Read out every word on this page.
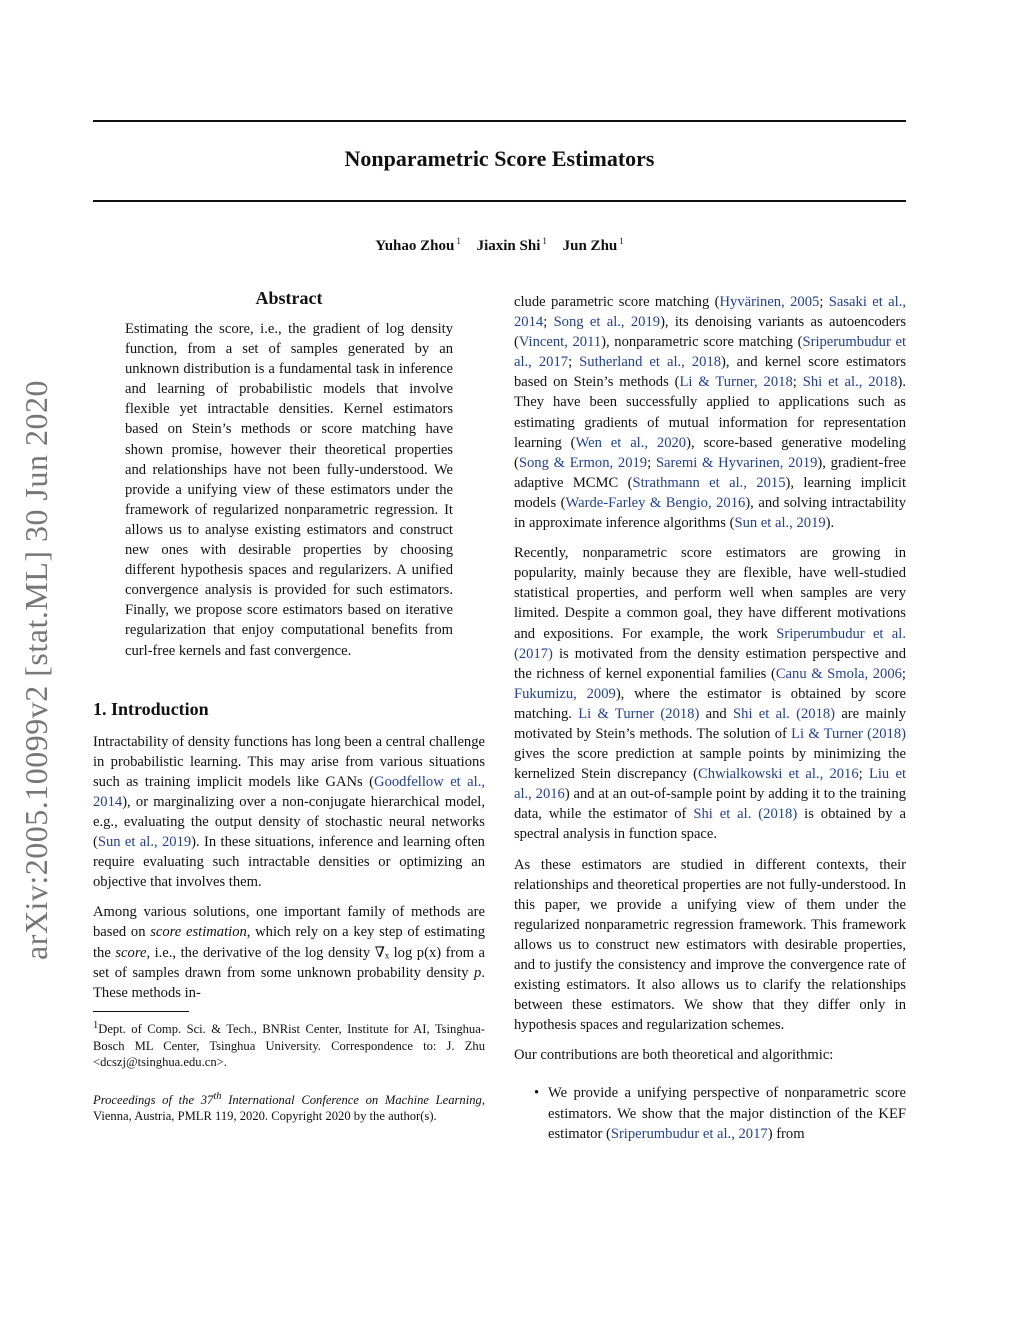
Nonparametric Score Estimators
Yuhao Zhou $^1$ Jiaxin Shi $^1$ Jun Zhu $^1$
arXiv:2005.10099v2 [stat.ML] 30 Jun 2020
Abstract
Estimating the score, i.e., the gradient of log density function, from a set of samples generated by an unknown distribution is a fundamental task in inference and learning of probabilistic models that involve flexible yet intractable densities. Kernel estimators based on Stein’s methods or score matching have shown promise, however their theoretical properties and relationships have not been fully-understood. We provide a unifying view of these estimators under the framework of regularized nonparametric regression. It allows us to analyse existing estimators and construct new ones with desirable properties by choosing different hypothesis spaces and regularizers. A unified convergence analysis is provided for such estimators. Finally, we propose score estimators based on iterative regularization that enjoy computational benefits from curl-free kernels and fast convergence.
1. Introduction

Intractability of density functions has long been a central challenge in probabilistic learning. This may arise from various situations such as training implicit models like GANs (Goodfellow et al., 2014), or marginalizing over a non-conjugate hierarchical model, e.g., evaluating the output density of stochastic neural networks (Sun et al., 2019). In these situations, inference and learning often require evaluating such intractable densities or optimizing an objective that involves them.

Among various solutions, one important family of methods are based on score estimation, which rely on a key step of estimating the score, i.e., the derivative of the log density ∇ₓ log p(x) from a set of samples drawn from some unknown probability density p. These methods in-

$^1$Dept. of Comp. Sci. & Tech., BNRist Center, Institute for AI, Tsinghua-Bosch ML Center, Tsinghua University. Correspondence to: J. Zhu <dcszj@tsinghua.edu.cn>.

Proceedings of the 37th International Conference on Machine Learning, Vienna, Austria, PMLR 119, 2020. Copyright 2020 by the author(s).

clude parametric score matching (Hyvärinen, 2005; Sasaki et al., 2014; Song et al., 2019), its denoising variants as autoencoders (Vincent, 2011), nonparametric score matching (Sriperumbudur et al., 2017; Sutherland et al., 2018), and kernel score estimators based on Stein’s methods (Li & Turner, 2018; Shi et al., 2018). They have been successfully applied to applications such as estimating gradients of mutual information for representation learning (Wen et al., 2020), score-based generative modeling (Song & Ermon, 2019; Saremi & Hyvarinen, 2019), gradient-free adaptive MCMC (Strathmann et al., 2015), learning implicit models (Warde-Farley & Bengio, 2016), and solving intractability in approximate inference algorithms (Sun et al., 2019).

Recently, nonparametric score estimators are growing in popularity, mainly because they are flexible, have well-studied statistical properties, and perform well when samples are very limited. Despite a common goal, they have different motivations and expositions. For example, the work Sriperumbudur et al. (2017) is motivated from the density estimation perspective and the richness of kernel exponential families (Canu & Smola, 2006; Fukumizu, 2009), where the estimator is obtained by score matching. Li & Turner (2018) and Shi et al. (2018) are mainly motivated by Stein’s methods. The solution of Li & Turner (2018) gives the score prediction at sample points by minimizing the kernelized Stein discrepancy (Chwialkowski et al., 2016; Liu et al., 2016) and at an out-of-sample point by adding it to the training data, while the estimator of Shi et al. (2018) is obtained by a spectral analysis in function space.

As these estimators are studied in different contexts, their relationships and theoretical properties are not fully-understood. In this paper, we provide a unifying view of them under the regularized nonparametric regression framework. This framework allows us to construct new estimators with desirable properties, and to justify the consistency and improve the convergence rate of existing estimators. It also allows us to clarify the relationships between these estimators. We show that they differ only in hypothesis spaces and regularization schemes.

Our contributions are both theoretical and algorithmic:

• We provide a unifying perspective of nonparametric score estimators. We show that the major distinction of the KEF estimator (Sriperumbudur et al., 2017) from
